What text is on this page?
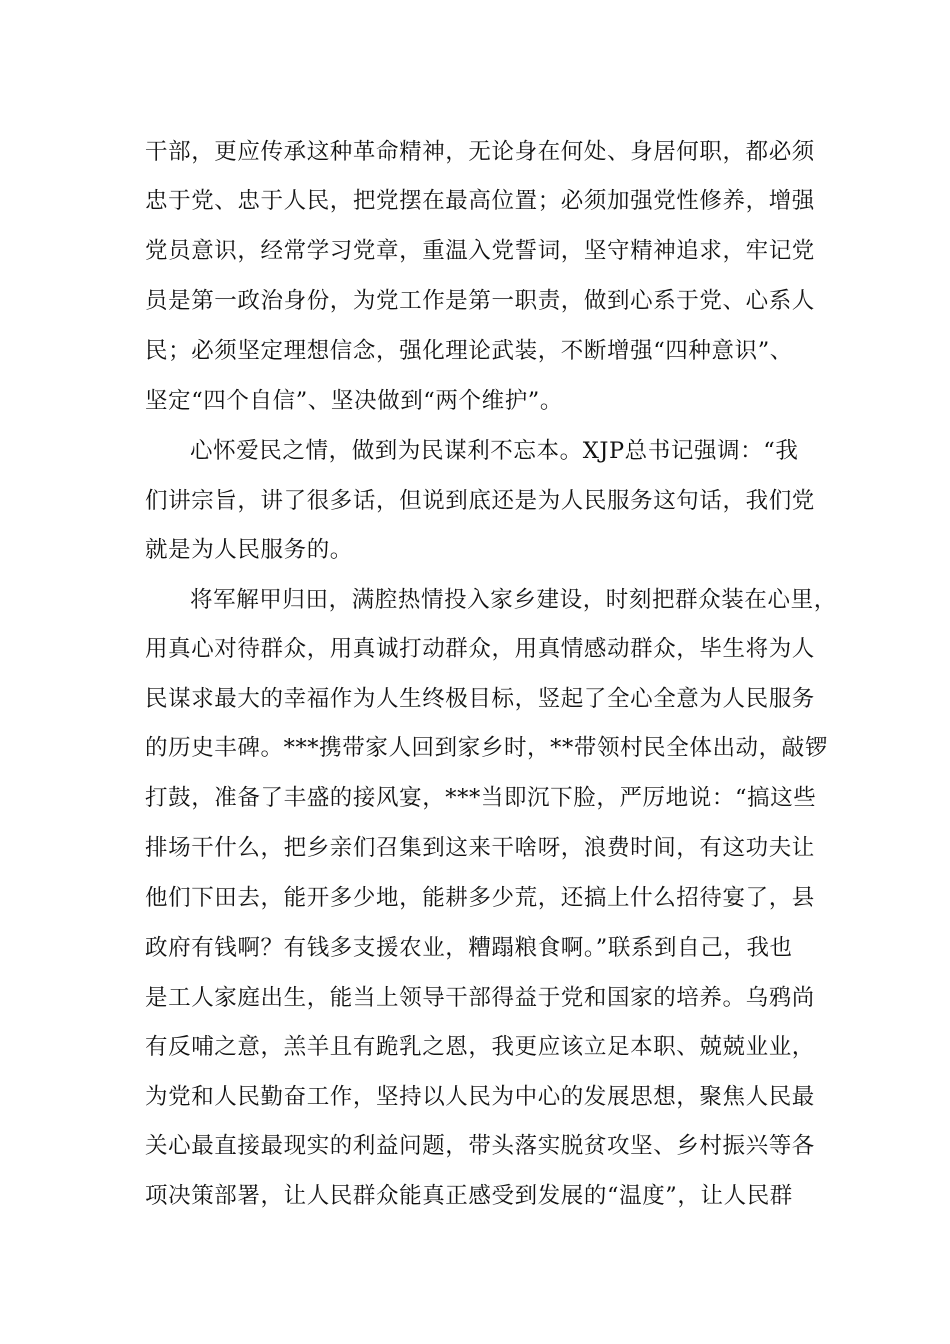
干部，更应传承这种革命精神，无论身在何处、身居何职，都必须
忠于党、忠于人民，把党摆在最高位置；必须加强党性修养，增强
党员意识，经常学习党章，重温入党誓词，坚守精神追求，牢记党
员是第一政治身份，为党工作是第一职责，做到心系于党、心系人
民；必须坚定理想信念，强化理论武装，不断增强“四种意识”、
坚定“四个自信”、坚决做到“两个维护”。
心怀爱民之情，做到为民谋利不忘本。XJP总书记强调：“我
们讲宗旨，讲了很多话，但说到底还是为人民服务这句话，我们党
就是为人民服务的。
将军解甲归田，满腔热情投入家乡建设，时刻把群众装在心里，
用真心对待群众，用真诚打动群众，用真情感动群众，毕生将为人
民谋求最大的幸福作为人生终极目标，竖起了全心全意为人民服务
的历史丰碑。***携带家人回到家乡时，**带领村民全体出动，敲锣
打鼓，准备了丰盛的接风宴，***当即沉下脸，严厉地说：“搞这些
排场干什么，把乡亲们召集到这来干啥呀，浪费时间，有这功夫让
他们下田去，能开多少地，能耕多少荒，还搞上什么招待宴了，县
政府有钱啊？有钱多支援农业，糟蹋粮食啊。”联系到自己，我也
是工人家庭出生，能当上领导干部得益于党和国家的培养。乌鸦尚
有反哺之意，羔羊且有跪乳之恩，我更应该立足本职、兢兢业业，
为党和人民勤奋工作，坚持以人民为中心的发展思想，聚焦人民最
关心最直接最现实的利益问题，带头落实脱贫攻坚、乡村振兴等各
项决策部署，让人民群众能真正感受到发展的“温度”，让人民群
